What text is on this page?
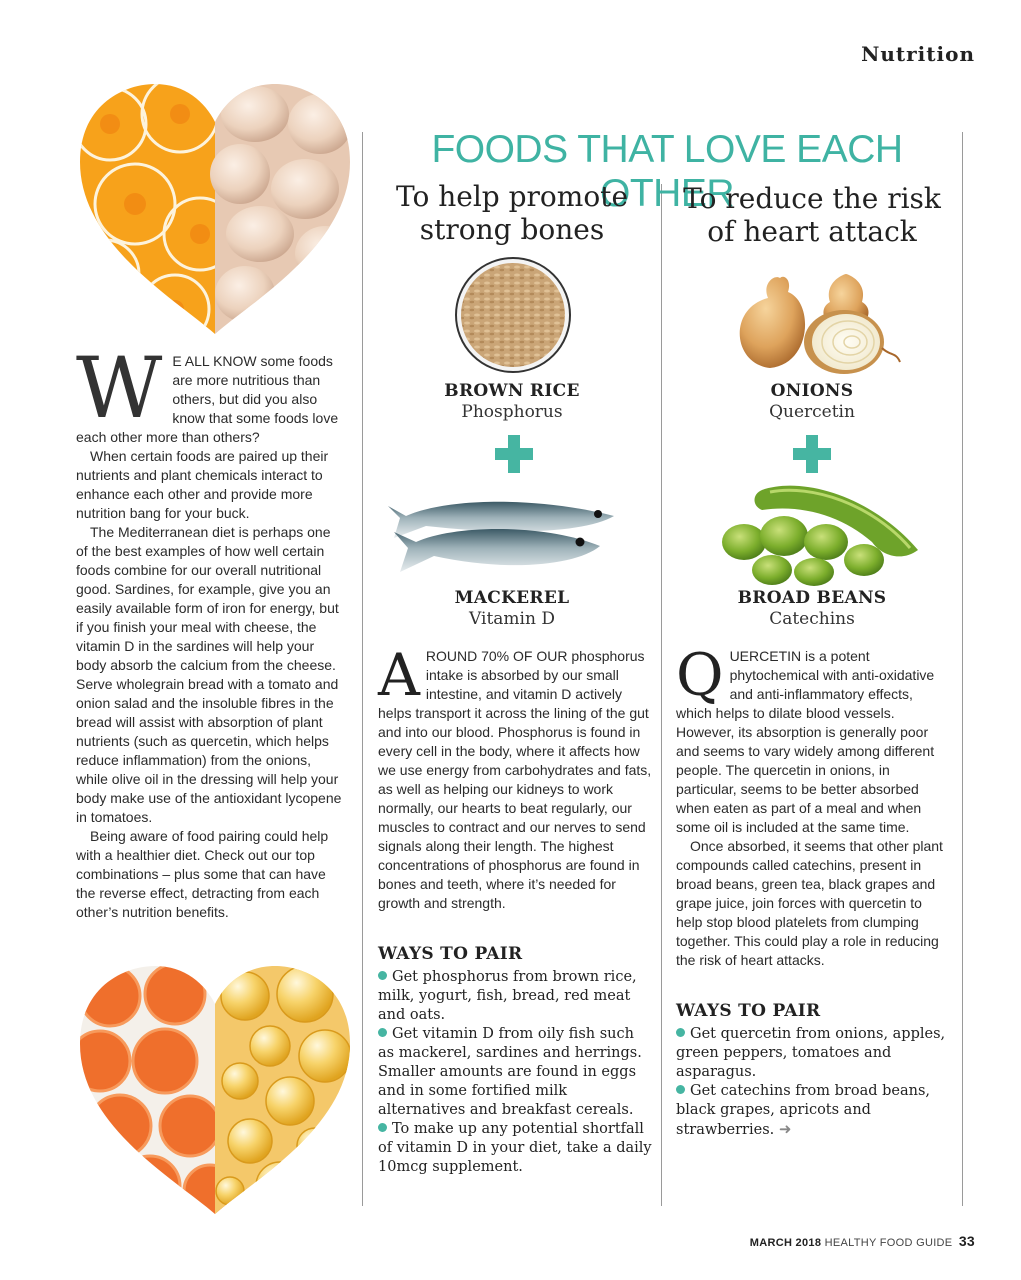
Nutrition

W E ALL KNOW some foods are more nutritious than others, but did you also know that some foods love each other more than others?

When certain foods are paired up their nutrients and plant chemicals interact to enhance each other and provide more nutrition bang for your buck.

The Mediterranean diet is perhaps one of the best examples of how well certain foods combine for our overall nutritional good. Sardines, for example, give you an easily available form of iron for energy, but if you finish your meal with cheese, the vitamin D in the sardines will help your body absorb the calcium from the cheese. Serve wholegrain bread with a tomato and onion salad and the insoluble fibres in the bread will assist with absorption of plant nutrients (such as quercetin, which helps reduce inflammation) from the onions, while olive oil in the dressing will help your body make use of the antioxidant lycopene in tomatoes.

Being aware of food pairing could help with a healthier diet. Check out our top combinations – plus some that can have the reverse effect, detracting from each other’s nutrition benefits.

FOODS THAT LOVE EACH OTHER
To help promote
strong bones
BROWN RICE
Phosphorus
MACKEREL
Vitamin D

AROUND 70% OF OUR phosphorus intake is absorbed by our small intestine, and vitamin D actively helps transport it across the lining of the gut and into our blood. Phosphorus is found in every cell in the body, where it affects how we use energy from carbohydrates and fats, as well as helping our kidneys to work normally, our hearts to beat regularly, our muscles to contract and our nerves to send signals along their length. The highest concentrations of phosphorus are found in bones and teeth, where it’s needed for growth and strength.

WAYS TO PAIR

Get phosphorus from brown rice, milk, yogurt, fish, bread, red meat and oats.

Get vitamin D from oily fish such as mackerel, sardines and herrings. Smaller amounts are found in eggs and in some fortified milk alternatives and breakfast cereals.

To make up any potential shortfall of vitamin D in your diet, take a daily 10mcg supplement.

To reduce the risk
of heart attack
ONIONS
Quercetin
BROAD BEANS
Catechins

QUERCETIN is a potent phytochemical with anti-oxidative and anti-inflammatory effects, which helps to dilate blood vessels. However, its absorption is generally poor and seems to vary widely among different people. The quercetin in onions, in particular, seems to be better absorbed when eaten as part of a meal and when some oil is included at the same time.

Once absorbed, it seems that other plant compounds called catechins, present in broad beans, green tea, black grapes and grape juice, join forces with quercetin to help stop blood platelets from clumping together. This could play a role in reducing the risk of heart attacks.

WAYS TO PAIR

Get quercetin from onions, apples, green peppers, tomatoes and asparagus.

Get catechins from broad beans, black grapes, apricots and strawberries. ➜

MARCH 2018 HEALTHY FOOD GUIDE 33
